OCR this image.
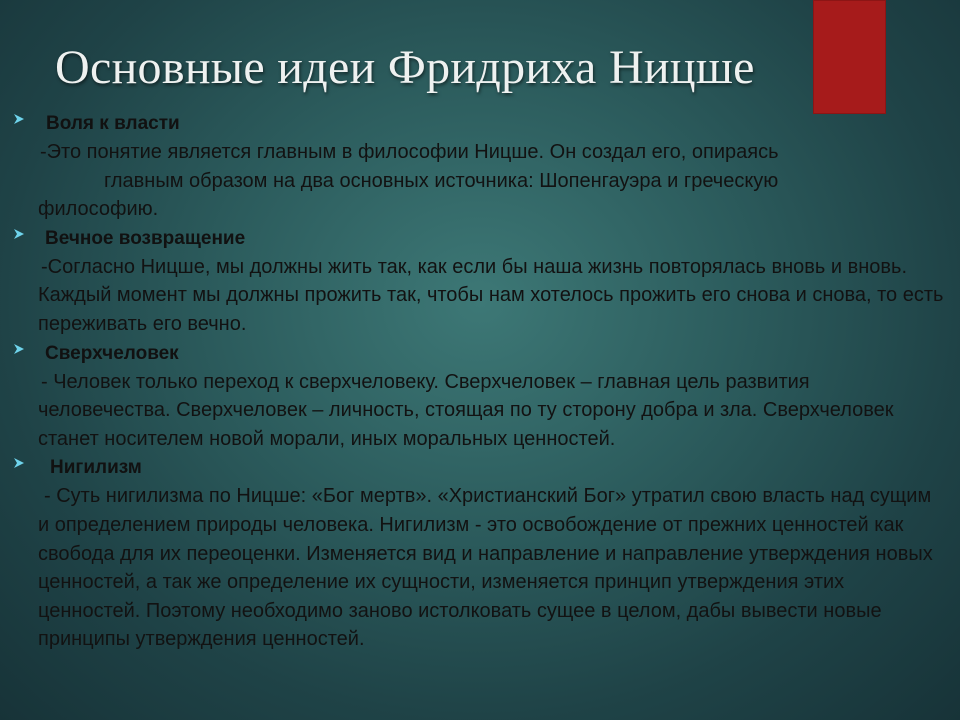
Основные идеи Фридриха Ницше
Воля к власти

-Это понятие является главным в философии Ницше. Он создал его, опираясь

главным образом на два основных источника: Шопенгауэра и греческую

философию.

Вечное возвращение

-Согласно Ницше, мы должны жить так, как если бы наша жизнь повторялась вновь и вновь. Каждый момент мы должны прожить так, чтобы нам хотелось прожить его снова и снова, то есть переживать его вечно.

Сверхчеловек

- Человек только переход к сверхчеловеку. Сверхчеловек – главная цель развития человечества. Сверхчеловек – личность, стоящая по ту сторону добра и зла. Сверхчеловек станет носителем новой морали, иных моральных ценностей.

Нигилизм

- Суть нигилизма по Ницше: «Бог мертв». «Христианский Бог» утратил свою власть над сущим и определением природы человека. Нигилизм - это освобождение от прежних ценностей как свобода для их переоценки. Изменяется вид и направление и направление утверждения новых ценностей, а так же определение их сущности, изменяется принцип утверждения этих ценностей. Поэтому необходимо заново истолковать сущее в целом, дабы вывести новые принципы утверждения ценностей.
